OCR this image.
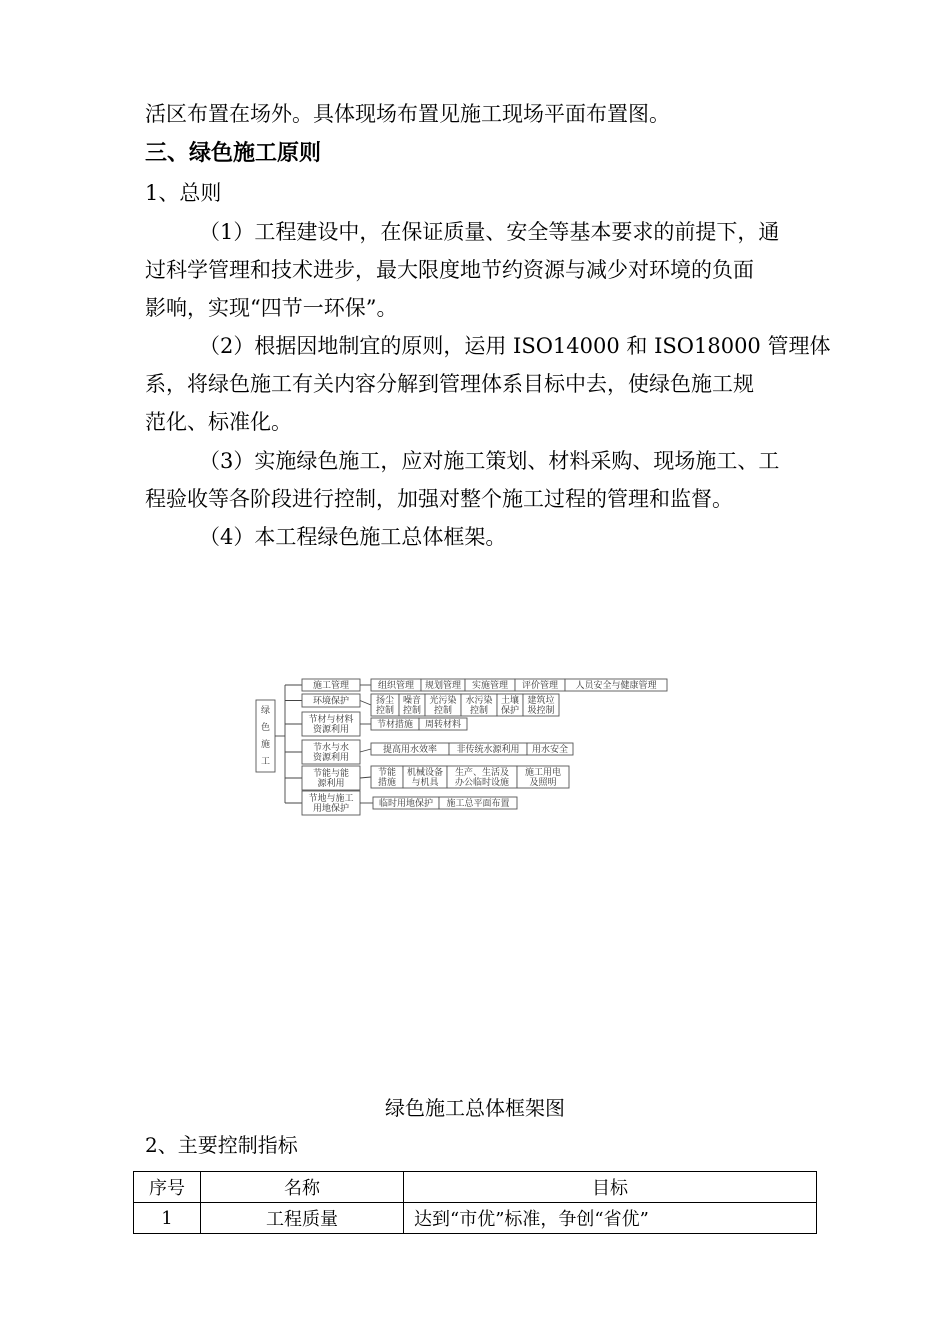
活区布置在场外。具体现场布置见施工现场平面布置图。
三、绿色施工原则
1、总则
（1）工程建设中，在保证质量、安全等基本要求的前提下，通
过科学管理和技术进步，最大限度地节约资源与减少对环境的负面
影响，实现“四节一环保”。
（2）根据因地制宜的原则，运用 ISO14000 和 ISO18000 管理体
系，将绿色施工有关内容分解到管理体系目标中去，使绿色施工规
范化、标准化。
（3）实施绿色施工，应对施工策划、材料采购、现场施工、工
程验收等各阶段进行控制，加强对整个施工过程的管理和监督。
（4）本工程绿色施工总体框架。
绿
色
施
工
施工管理
环境保护
节材与材料
资源利用
节水与水
资源利用
节能与能
源利用
节地与施工
用地保护
组织管理 规划管理 实施管理 评价管理 人员安全与健康管理
扬尘
控制
噪音
控制
光污染
控制
水污染
控制
土壤
保护
建筑垃
圾控制
节材措施 周转材料
提高用水效率 非传统水源利用 用水安全
节能
措施
机械设备
与机具
生产、生活及
办公临时设施
施工用电
及照明
临时用地保护 施工总平面布置
绿色施工总体框架图
2、主要控制指标
序号	名称	目标
1	工程质量	达到“市优”标准，争创“省优”
